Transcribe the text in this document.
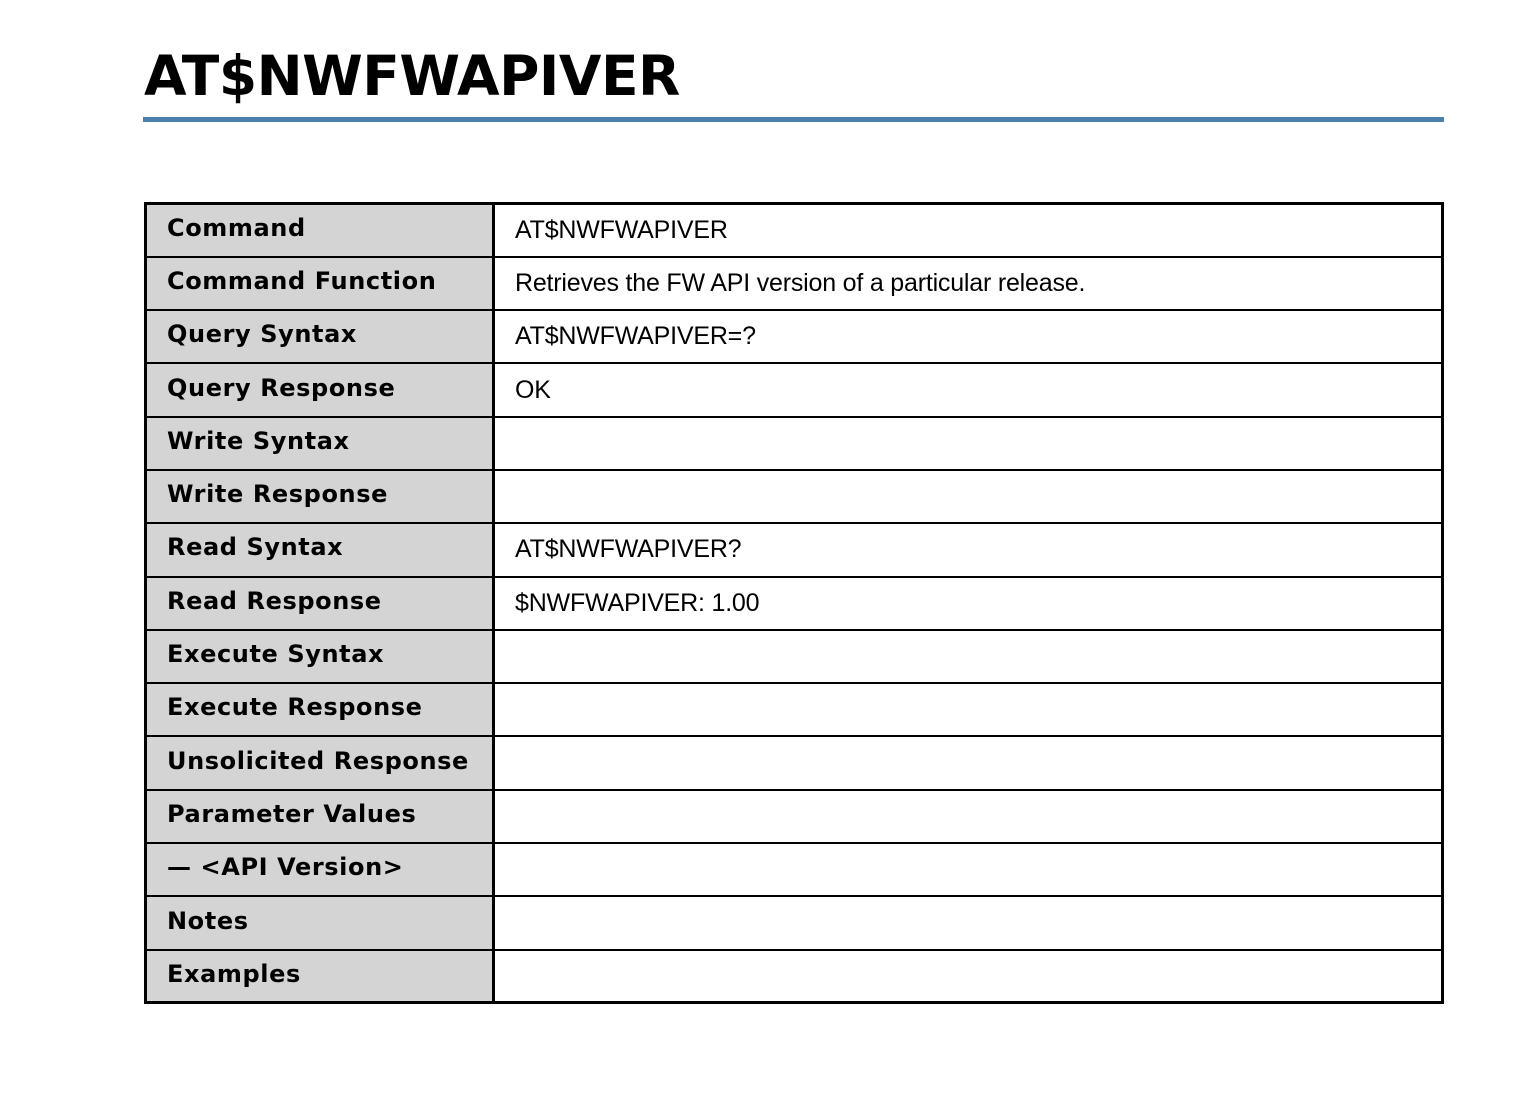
AT$NWFWAPIVER
Command	AT$NWFWAPIVER
Command Function	Retrieves the FW API version of a particular release.
Query Syntax	AT$NWFWAPIVER=?
Query Response	OK
Write Syntax	
Write Response	
Read Syntax	AT$NWFWAPIVER?
Read Response	$NWFWAPIVER: 1.00
Execute Syntax	
Execute Response	
Unsolicited Response	
Parameter Values	
— <API Version>	
Notes	
Examples	
